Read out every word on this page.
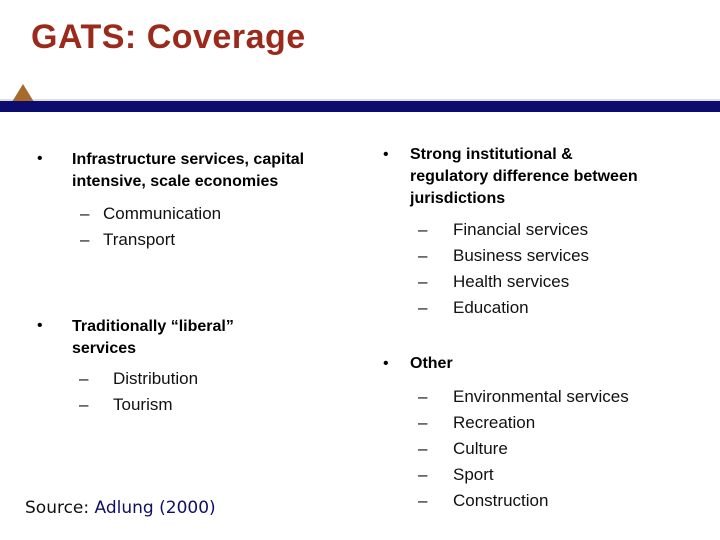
GATS: Coverage
• Infrastructure services, capital
intensive, scale economies
– Communication
– Transport
• Traditionally “liberal”
services
– Distribution
– Tourism
• Strong institutional &
regulatory difference between
jurisdictions
– Financial services
– Business services
– Health services
– Education
• Other
– Environmental services
– Recreation
– Culture
– Sport
– Construction
Source: Adlung (2000)
